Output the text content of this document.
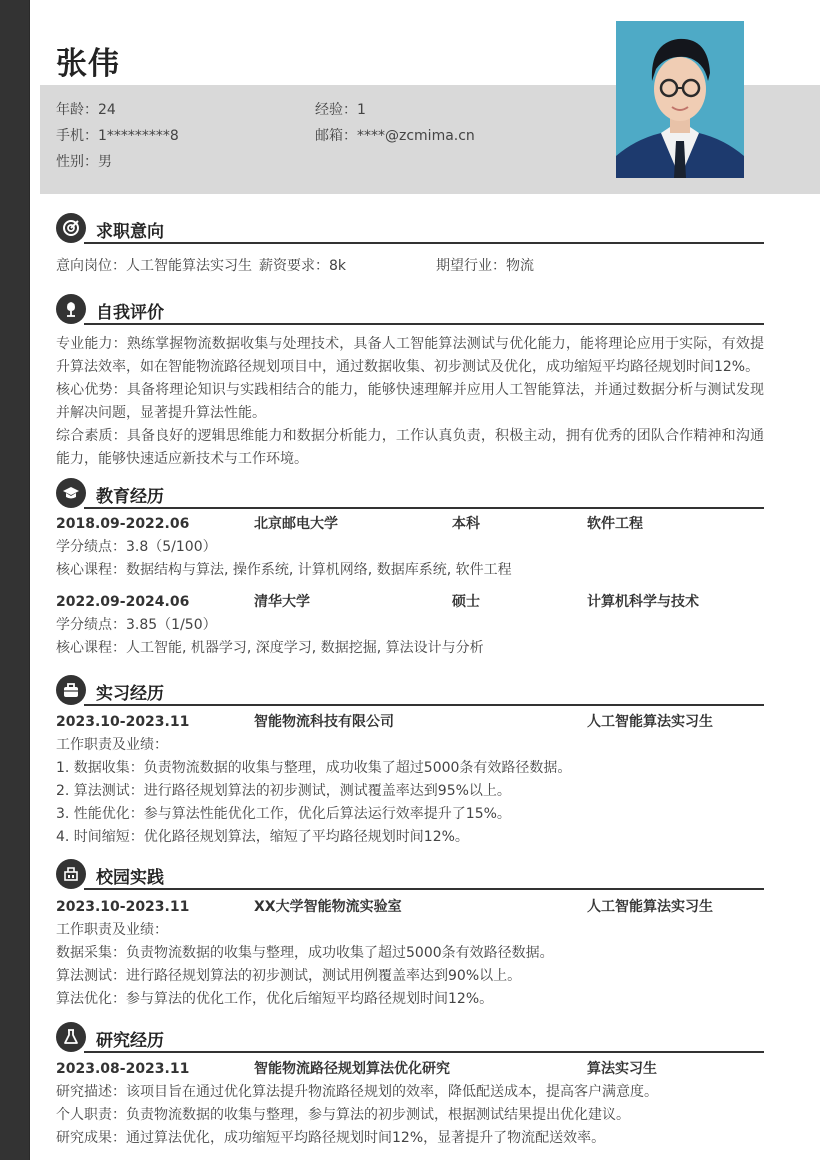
张伟
年龄：24	经验：1
手机：1*********8	邮箱：****@zcmima.cn
性别：男
求职意向
意向岗位：人工智能算法实习生 薪资要求：8k	期望行业：物流
自我评价

专业能力：熟练掌握物流数据收集与处理技术，具备人工智能算法测试与优化能力，能将理论应用于实际，有效提升算法效率，如在智能物流路径规划项目中，通过数据收集、初步测试及优化，成功缩短平均路径规划时间12%。

核心优势：具备将理论知识与实践相结合的能力，能够快速理解并应用人工智能算法，并通过数据分析与测试发现并解决问题，显著提升算法性能。

综合素质：具备良好的逻辑思维能力和数据分析能力，工作认真负责，积极主动，拥有优秀的团队合作精神和沟通能力，能够快速适应新技术与工作环境。

教育经历
2018.09-2022.06	北京邮电大学	本科	软件工程
学分绩点：3.8（5/100）
核心课程：数据结构与算法, 操作系统, 计算机网络, 数据库系统, 软件工程
2022.09-2024.06	清华大学	硕士	计算机科学与技术
学分绩点：3.85（1/50）
核心课程：人工智能, 机器学习, 深度学习, 数据挖掘, 算法设计与分析
实习经历
2023.10-2023.11	智能物流科技有限公司	人工智能算法实习生
工作职责及业绩：
1. 数据收集：负责物流数据的收集与整理，成功收集了超过5000条有效路径数据。
2. 算法测试：进行路径规划算法的初步测试，测试覆盖率达到95%以上。
3. 性能优化：参与算法性能优化工作，优化后算法运行效率提升了15%。
4. 时间缩短：优化路径规划算法，缩短了平均路径规划时间12%。
校园实践
2023.10-2023.11	XX大学智能物流实验室	人工智能算法实习生
工作职责及业绩：
数据采集：负责物流数据的收集与整理，成功收集了超过5000条有效路径数据。
算法测试：进行路径规划算法的初步测试，测试用例覆盖率达到90%以上。
算法优化：参与算法的优化工作，优化后缩短平均路径规划时间12%。
研究经历
2023.08-2023.11	智能物流路径规划算法优化研究	算法实习生
研究描述：该项目旨在通过优化算法提升物流路径规划的效率，降低配送成本，提高客户满意度。
个人职责：负责物流数据的收集与整理，参与算法的初步测试，根据测试结果提出优化建议。
研究成果：通过算法优化，成功缩短平均路径规划时间12%，显著提升了物流配送效率。
